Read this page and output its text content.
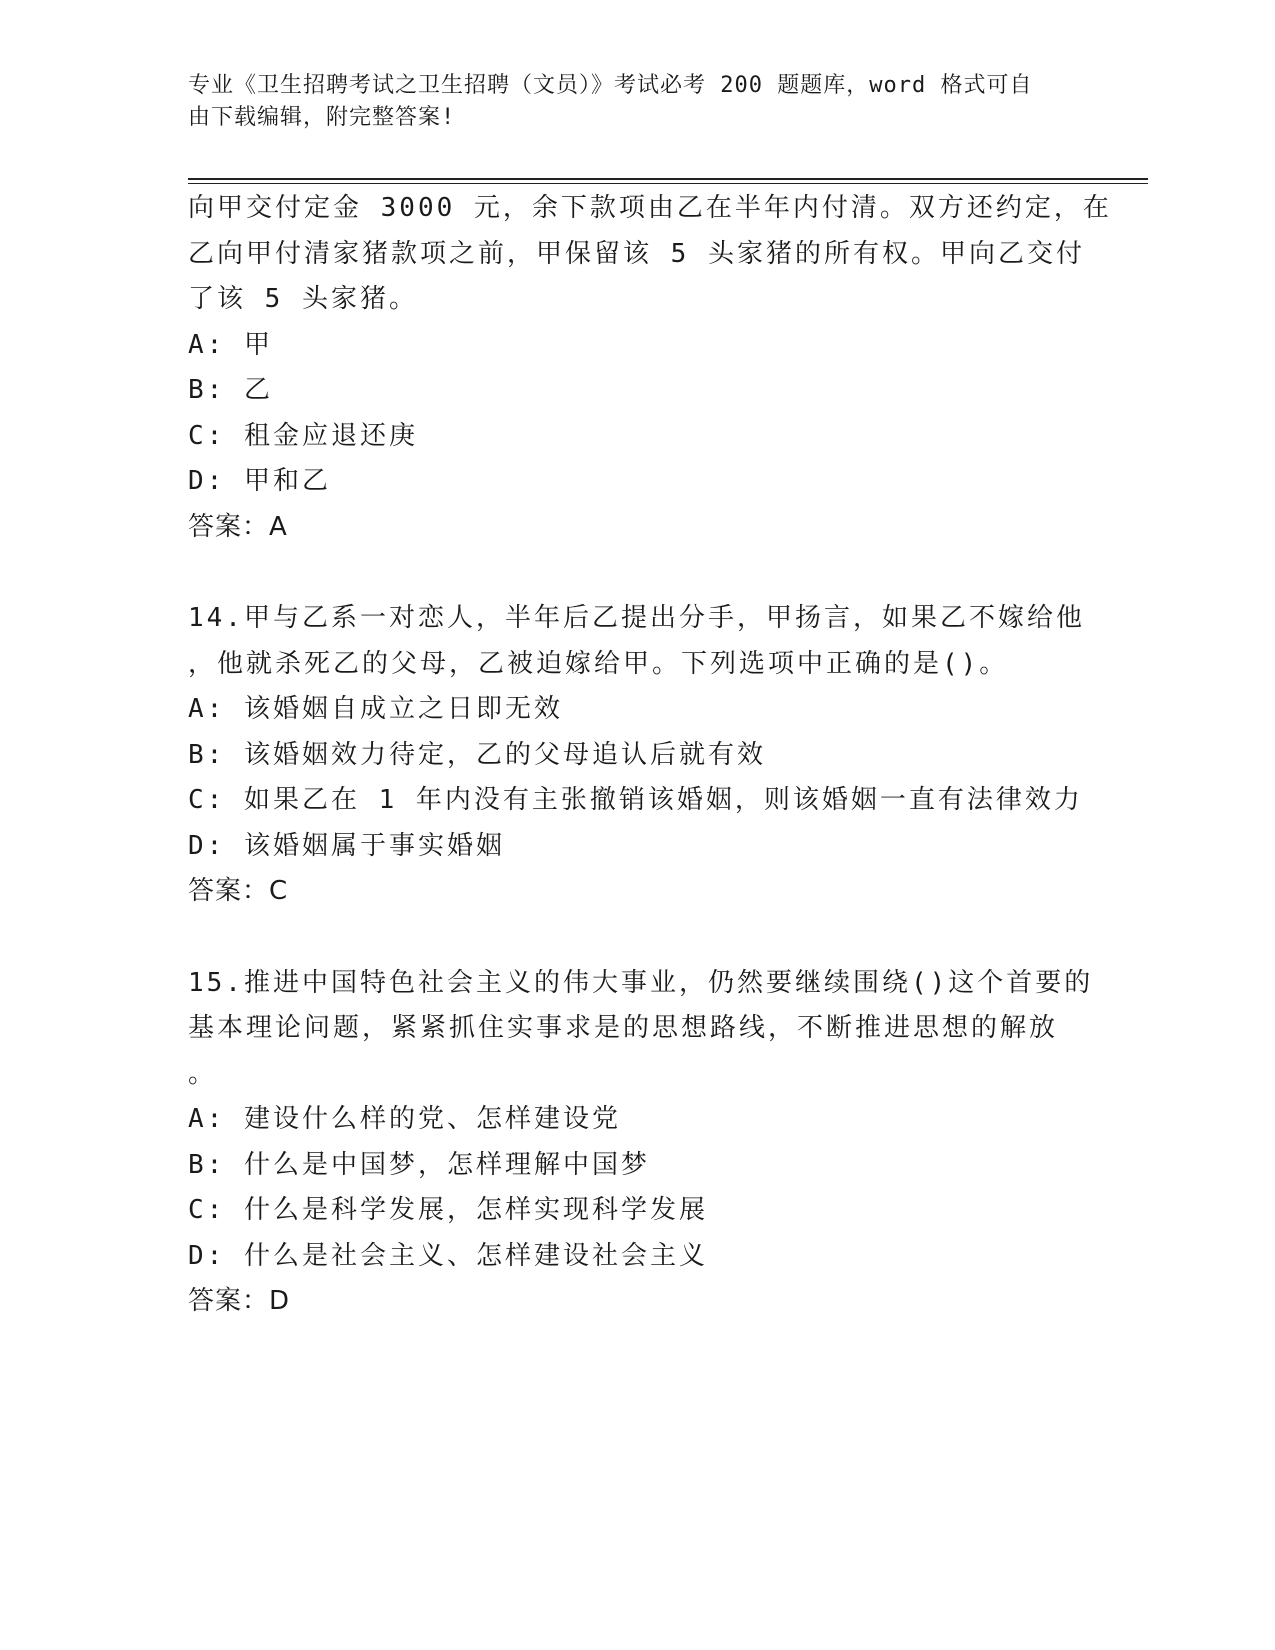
专业《卫生招聘考试之卫生招聘（文员）》考试必考 200 题题库，word 格式可自
由下载编辑，附完整答案!
向甲交付定金 3000 元，余下款项由乙在半年内付清。双方还约定，在
乙向甲付清家猪款项之前，甲保留该 5 头家猪的所有权。甲向乙交付
了该 5 头家猪。
A: 甲
B: 乙
C: 租金应退还庚
D: 甲和乙
答案：A
14.甲与乙系一对恋人，半年后乙提出分手，甲扬言，如果乙不嫁给他
，他就杀死乙的父母，乙被迫嫁给甲。下列选项中正确的是()。
A: 该婚姻自成立之日即无效
B: 该婚姻效力待定，乙的父母追认后就有效
C: 如果乙在 1 年内没有主张撤销该婚姻，则该婚姻一直有法律效力
D: 该婚姻属于事实婚姻
答案：C
15.推进中国特色社会主义的伟大事业，仍然要继续围绕()这个首要的
基本理论问题，紧紧抓住实事求是的思想路线，不断推进思想的解放
。
A: 建设什么样的党、怎样建设党
B: 什么是中国梦，怎样理解中国梦
C: 什么是科学发展，怎样实现科学发展
D: 什么是社会主义、怎样建设社会主义
答案：D
